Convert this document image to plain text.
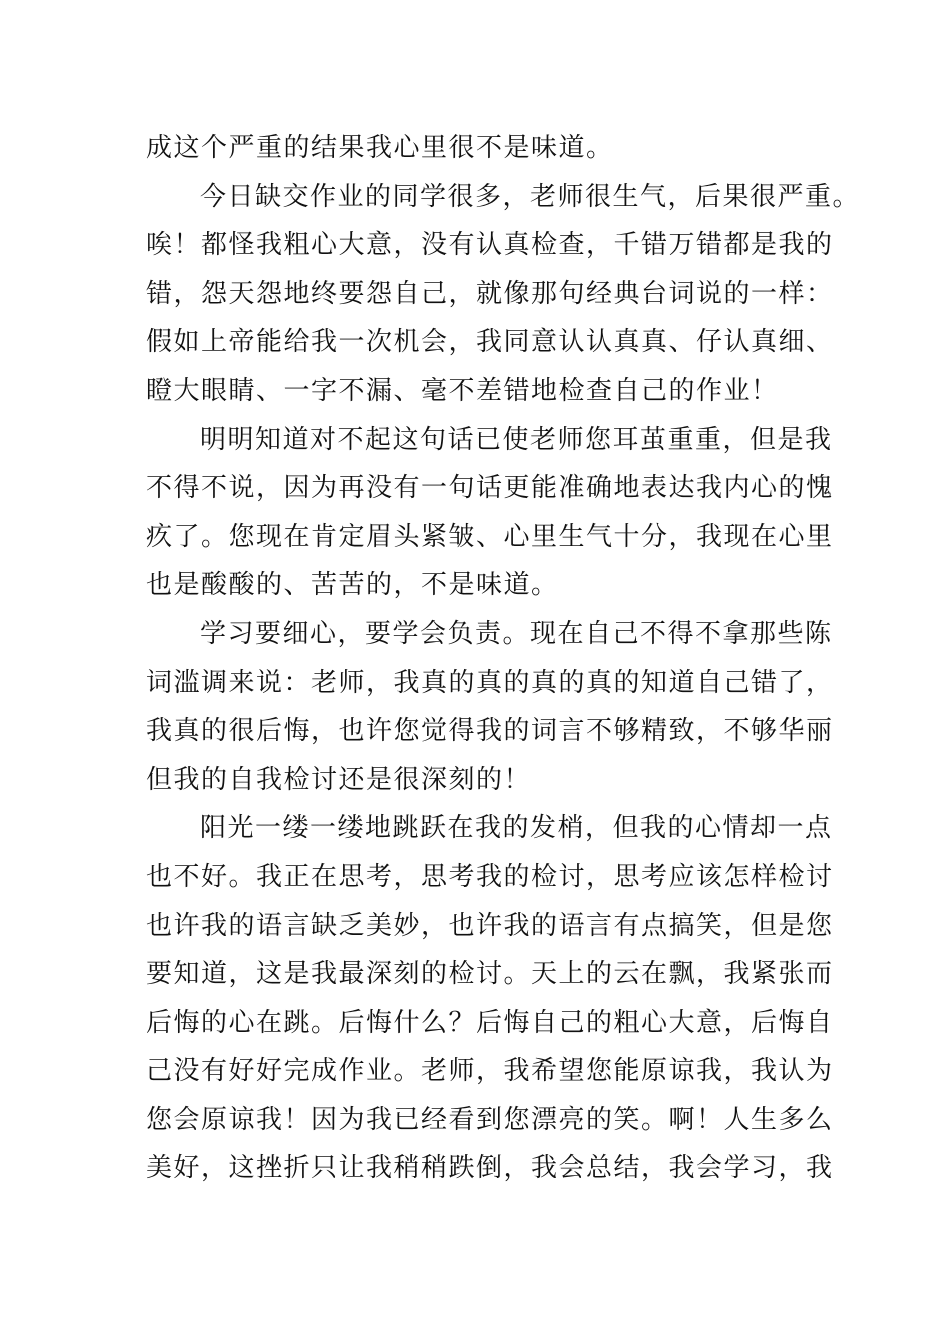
成这个严重的结果我心里很不是味道。
今日缺交作业的同学很多，老师很生气，后果很严重。
唉！都怪我粗心大意，没有认真检查，千错万错都是我的
错，怨天怨地终要怨自己，就像那句经典台词说的一样：
假如上帝能给我一次机会，我同意认认真真、仔认真细、
瞪大眼睛、一字不漏、毫不差错地检查自己的作业！
明明知道对不起这句话已使老师您耳茧重重，但是我
不得不说，因为再没有一句话更能准确地表达我内心的愧
疚了。您现在肯定眉头紧皱、心里生气十分，我现在心里
也是酸酸的、苦苦的，不是味道。
学习要细心，要学会负责。现在自己不得不拿那些陈
词滥调来说：老师，我真的真的真的真的知道自己错了，
我真的很后悔，也许您觉得我的词言不够精致，不够华丽
但我的自我检讨还是很深刻的！
阳光一缕一缕地跳跃在我的发梢，但我的心情却一点
也不好。我正在思考，思考我的检讨，思考应该怎样检讨
也许我的语言缺乏美妙，也许我的语言有点搞笑，但是您
要知道，这是我最深刻的检讨。天上的云在飘，我紧张而
后悔的心在跳。后悔什么？后悔自己的粗心大意，后悔自
己没有好好完成作业。老师，我希望您能原谅我，我认为
您会原谅我！因为我已经看到您漂亮的笑。啊！人生多么
美好，这挫折只让我稍稍跌倒，我会总结，我会学习，我
